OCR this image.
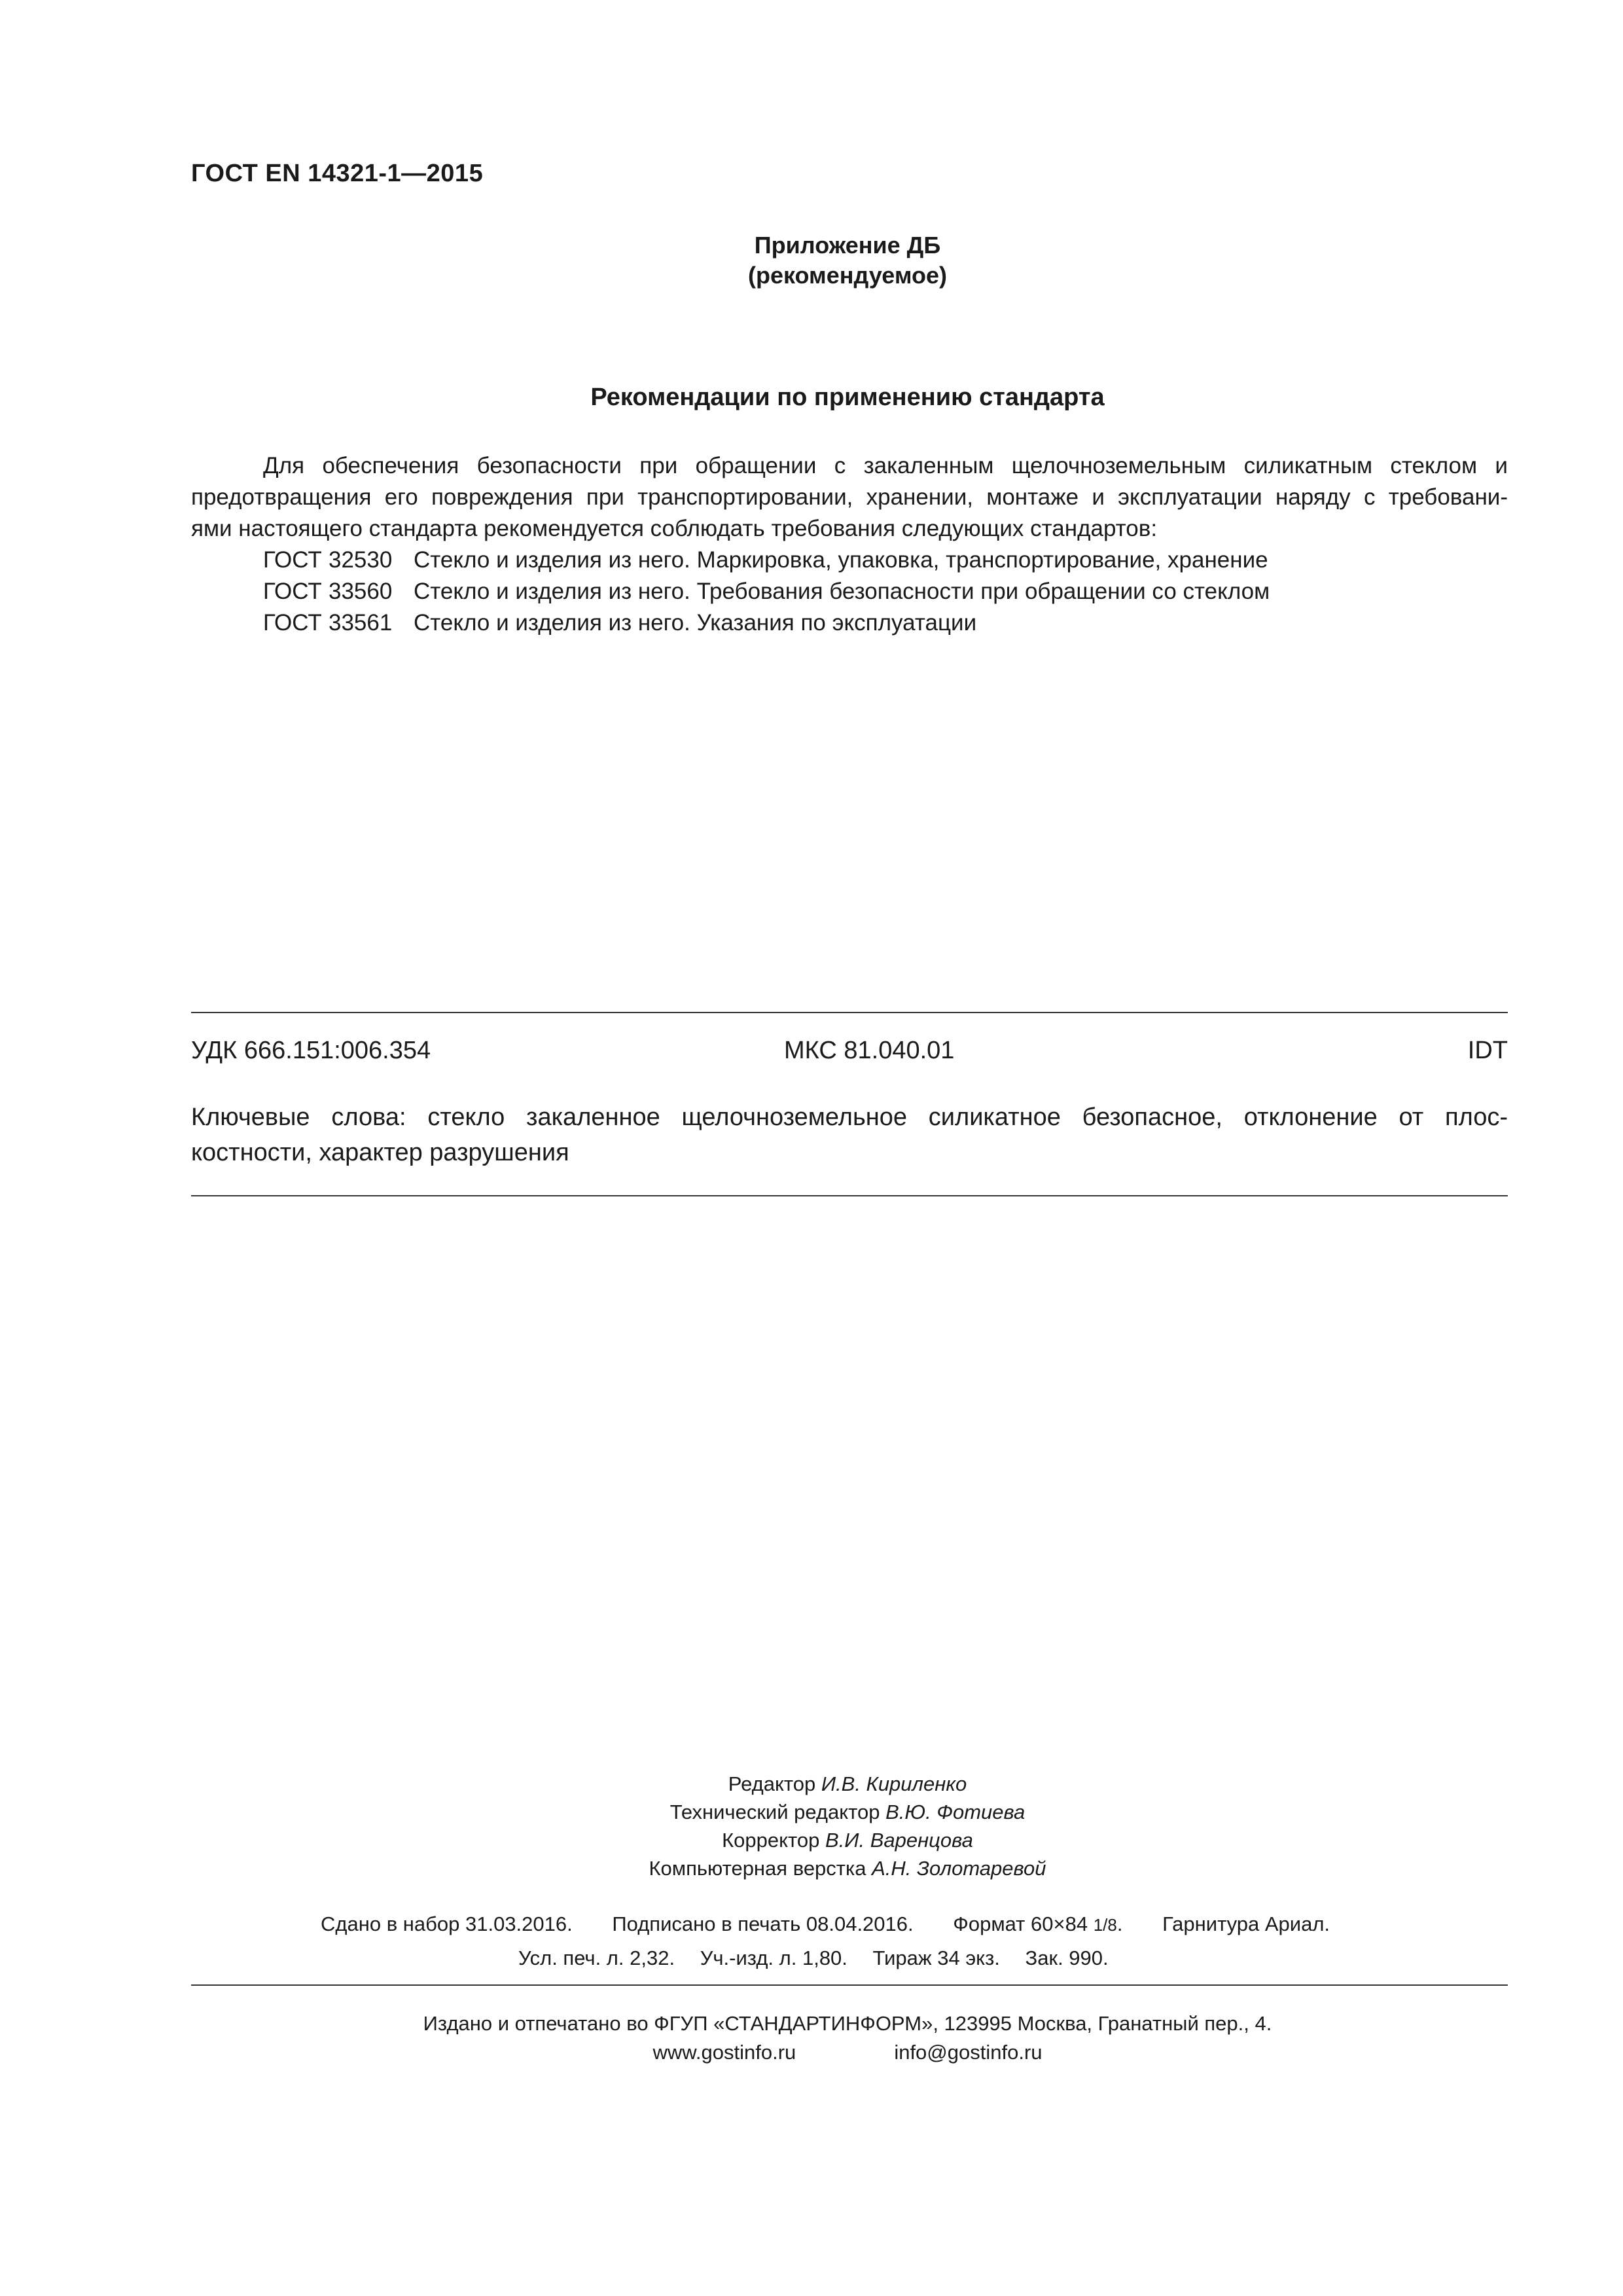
ГОСТ EN 14321-1—2015
Приложение ДБ
(рекомендуемое)
Рекомендации по применению стандарта
Для обеспечения безопасности при обращении с закаленным щелочноземельным силикатным стеклом и
предотвращения его повреждения при транспортировании, хранении, монтаже и эксплуатации наряду с требовани-
ями настоящего стандарта рекомендуется соблюдать требования следующих стандартов:
ГОСТ 32530 Стекло и изделия из него. Маркировка, упаковка, транспортирование, хранение
ГОСТ 33560 Стекло и изделия из него. Требования безопасности при обращении со стеклом
ГОСТ 33561 Стекло и изделия из него. Указания по эксплуатации
УДК 666.151:006.354	МКС 81.040.01	IDT
Ключевые слова: стекло закаленное щелочноземельное силикатное безопасное, отклонение от плос-
костности, характер разрушения
Редактор И.В. Кириленко
Технический редактор В.Ю. Фотиева
Корректор В.И. Варенцова
Компьютерная верстка А.Н. Золотаревой
Сдано в набор 31.03.2016. Подписано в печать 08.04.2016. Формат 60×84 1/8. Гарнитура Ариал.
Усл. печ. л. 2,32. Уч.-изд. л. 1,80. Тираж 34 экз. Зак. 990.
Издано и отпечатано во ФГУП «СТАНДАРТИНФОРМ», 123995 Москва, Гранатный пер., 4.
www.gostinfo.ru	info@gostinfo.ru
